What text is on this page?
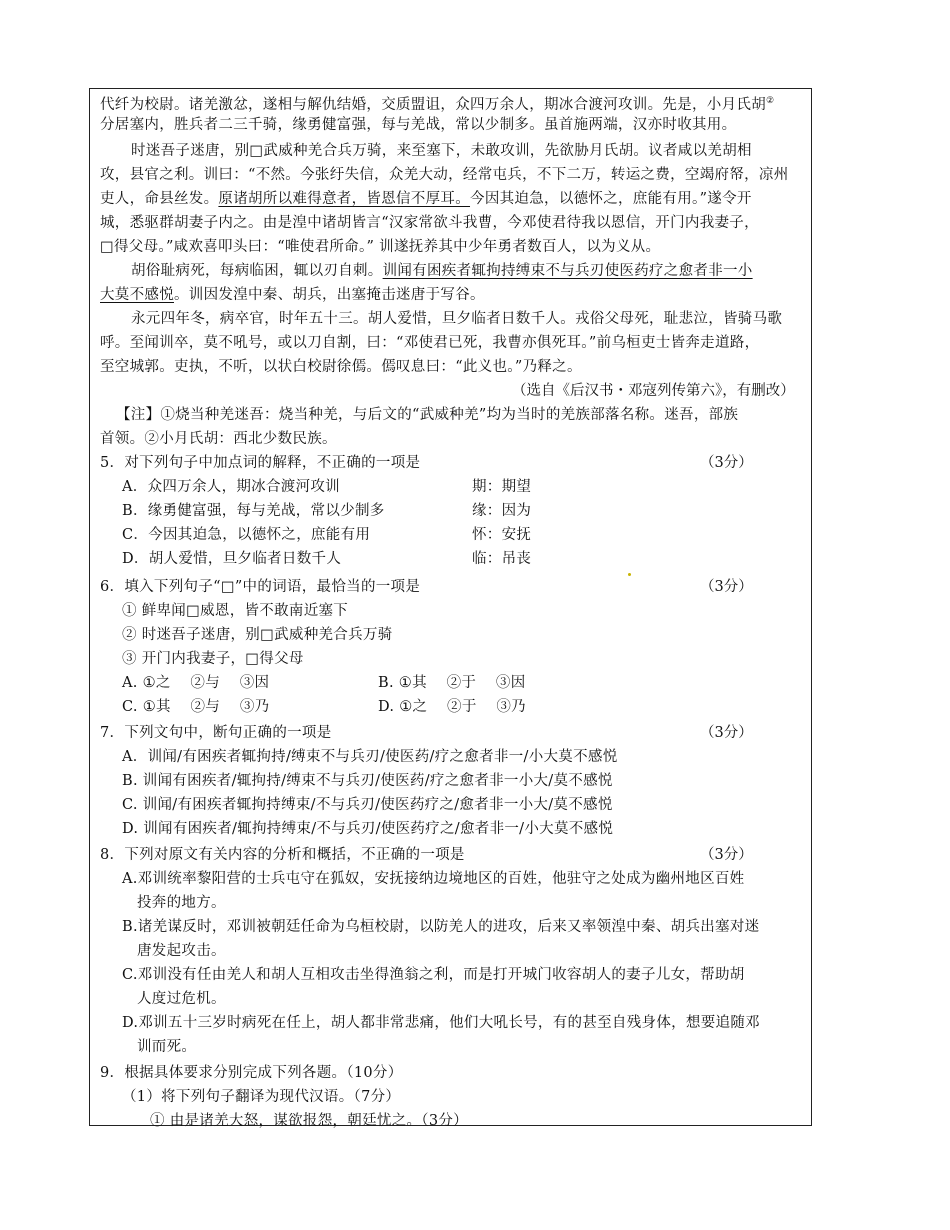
代纤为校尉。诸羌激忿，遂相与解仇结婚，交质盟诅，众四万余人，期冰合渡河攻训。先是，小月氏胡②
分居塞内，胜兵者二三千骑，缘勇健富强，每与羌战，常以少制多。虽首施两端，汉亦时收其用。
时迷吾子迷唐，别□武威种羌合兵万骑，来至塞下，未敢攻训，先欲胁月氏胡。议者咸以羌胡相
攻，县官之利。训曰：“不然。今张纡失信，众羌大动，经常屯兵，不下二万，转运之费，空竭府帑，凉州
吏人，命县丝发。原诸胡所以难得意者，皆恩信不厚耳。今因其迫急，以德怀之，庶能有用。”遂令开
城，悉驱群胡妻子内之。由是湟中诸胡皆言“汉家常欲斗我曹，今邓使君待我以恩信，开门内我妻子，
□得父母。”咸欢喜叩头曰：“唯使君所命。” 训遂抚养其中少年勇者数百人，以为义从。
胡俗耻病死，每病临困，辄以刃自刺。训闻有困疾者辄拘持缚束不与兵刃使医药疗之愈者非一小
大莫不感悦。训因发湟中秦、胡兵，出塞掩击迷唐于写谷。
永元四年冬，病卒官，时年五十三。胡人爱惜，旦夕临者日数千人。戎俗父母死，耻悲泣，皆骑马歌
呼。至闻训卒，莫不吼号，或以刀自割，曰：“邓使君已死，我曹亦俱死耳。”前乌桓吏士皆奔走道路，
至空城郭。吏执，不听，以状白校尉徐傿。傿叹息曰：“此义也。”乃释之。
（选自《后汉书・邓寇列传第六》，有删改）
【注】①烧当种羌迷吾：烧当种羌，与后文的“武威种羌”均为当时的羌族部落名称。迷吾，部族
首领。②小月氏胡：西北少数民族。
5．对下列句子中加点词的解释，不正确的一项是	（3分）
A．众四万余人，期冰合渡河攻训	期：期望
B．缘勇健富强，每与羌战，常以少制多	缘：因为
C．今因其迫急，以德怀之，庶能有用	怀：安抚
D．胡人爱惜，旦夕临者日数千人	临：吊丧
6．填入下列句子“□”中的词语，最恰当的一项是	（3分）
① 鲜卑闻□威恩，皆不敢南近塞下
② 时迷吾子迷唐，别□武威种羌合兵万骑
③ 开门内我妻子，□得父母
A. ①之　 ②与　 ③因	B. ①其　 ②于　 ③因
C. ①其　 ②与　 ③乃	D. ①之　 ②于　 ③乃
7．下列文句中，断句正确的一项是	（3分）
A．训闻/有困疾者辄拘持/缚束不与兵刃/使医药/疗之愈者非一/小大莫不感悦
B. 训闻有困疾者/辄拘持/缚束不与兵刃/使医药/疗之愈者非一小大/莫不感悦
C. 训闻/有困疾者辄拘持缚束/不与兵刃/使医药疗之/愈者非一小大/莫不感悦
D. 训闻有困疾者/辄拘持缚束/不与兵刃/使医药疗之/愈者非一/小大莫不感悦
8．下列对原文有关内容的分析和概括，不正确的一项是	（3分）
A.邓训统率黎阳营的士兵屯守在狐奴，安抚接纳边境地区的百姓，他驻守之处成为幽州地区百姓
投奔的地方。
B.诸羌谋反时，邓训被朝廷任命为乌桓校尉，以防羌人的进攻，后来又率领湟中秦、胡兵出塞对迷
唐发起攻击。
C.邓训没有任由羌人和胡人互相攻击坐得渔翁之利，而是打开城门收容胡人的妻子儿女，帮助胡
人度过危机。
D.邓训五十三岁时病死在任上，胡人都非常悲痛，他们大吼长号，有的甚至自残身体，想要追随邓
训而死。
9．根据具体要求分别完成下列各题。（10分）
（1）将下列句子翻译为现代汉语。（7分）
① 由是诸羌大怒，谋欲报怨，朝廷忧之。（3分）
